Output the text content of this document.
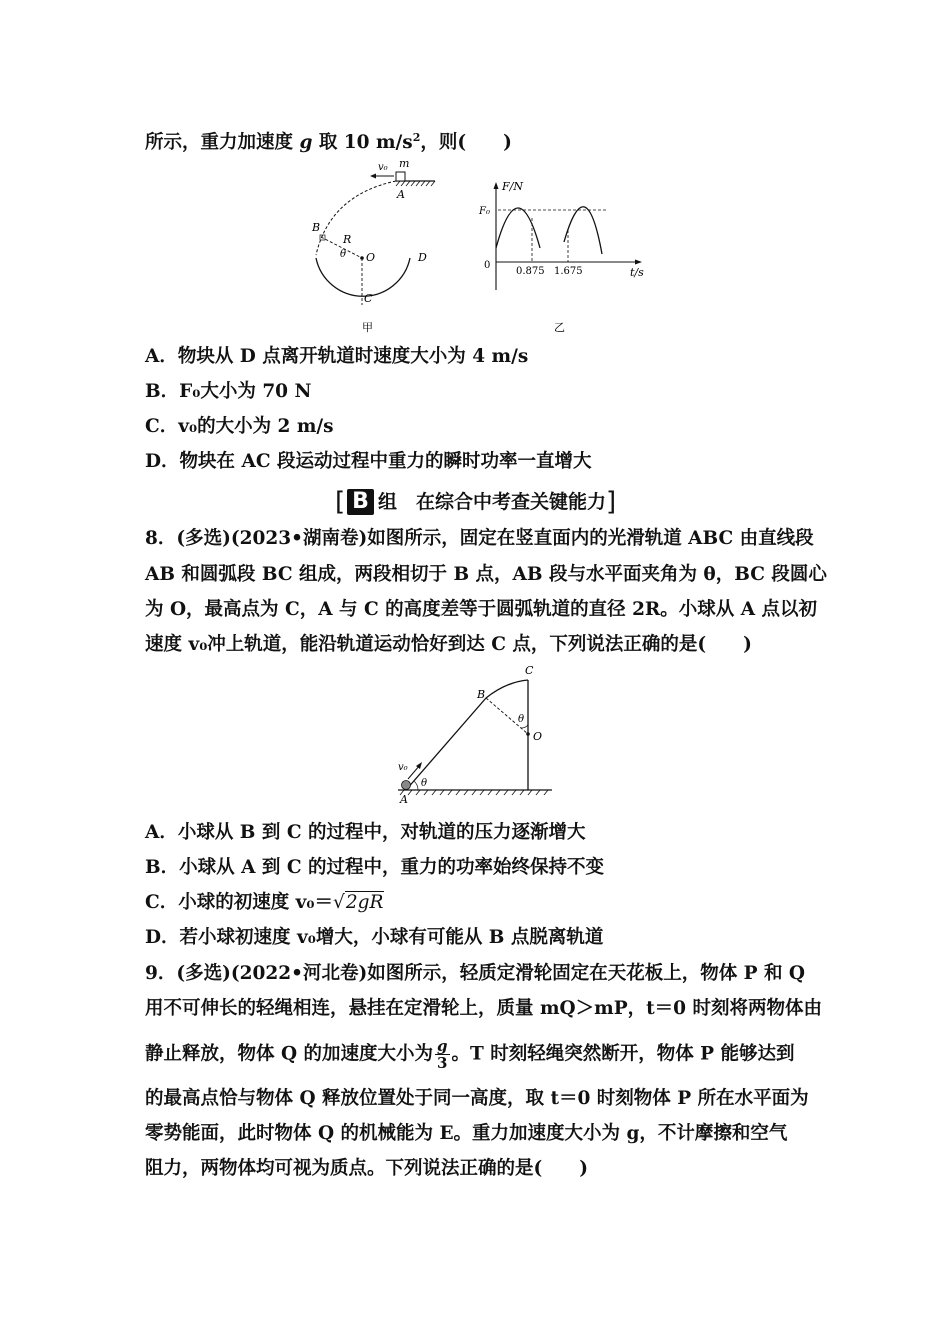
所示，重力加速度 g 取 10 $m/s^2$，则(　　)
v₀ m
A
D
B
R
θ O
C
甲
F/N
F₀
0
0.875 1.675	t/s
乙
A．物块从 D 点离开轨道时速度大小为 4 m/s
B．F₀大小为 70 N
C．v₀的大小为 2 m/s
D．物块在 AC 段运动过程中重力的瞬时功率一直增大
[ B 组　在综合中考查关键能力]
8．(多选)(2023•湖南卷)如图所示，固定在竖直面内的光滑轨道 ABC 由直线段
AB 和圆弧段 BC 组成，两段相切于 B 点，AB 段与水平面夹角为 θ，BC 段圆心
为 O，最高点为 C，A 与 C 的高度差等于圆弧轨道的直径 2R。小球从 A 点以初
速度 v₀冲上轨道，能沿轨道运动恰好到达 C 点，下列说法正确的是(　　)
C
B
θ
O
v₀
θ
A
A．小球从 B 到 C 的过程中，对轨道的压力逐渐增大
B．小球从 A 到 C 的过程中，重力的功率始终保持不变
C．小球的初速度 v₀＝√2gR
D．若小球初速度 v₀增大，小球有可能从 B 点脱离轨道
9．(多选)(2022•河北卷)如图所示，轻质定滑轮固定在天花板上，物体 P 和 Q
用不可伸长的轻绳相连，悬挂在定滑轮上，质量 mQ＞mP，t＝0 时刻将两物体由
静止释放，物体 Q 的加速度大小为 $\frac{g}{3}$ 。T 时刻轻绳突然断开，物体 P 能够达到
的最高点恰与物体 Q 释放位置处于同一高度，取 t＝0 时刻物体 P 所在水平面为
零势能面，此时物体 Q 的机械能为 E。重力加速度大小为 g，不计摩擦和空气
阻力，两物体均可视为质点。下列说法正确的是(　　)
